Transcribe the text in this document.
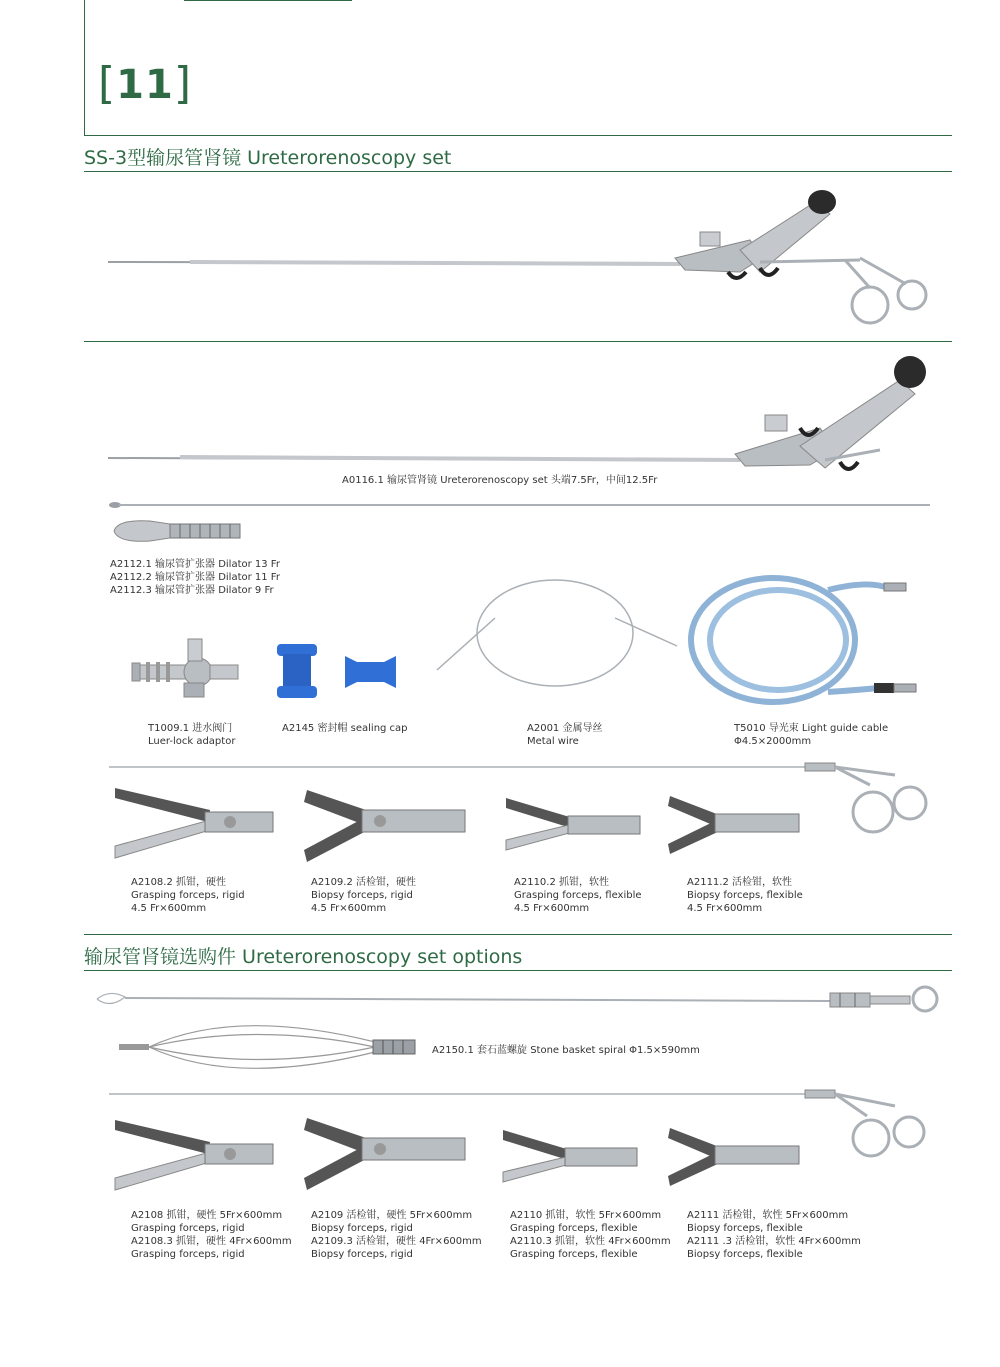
[11]
SS-3型输尿管肾镜 Ureterorenoscopy set
A0116.1 输尿管肾镜 Ureterorenoscopy set 头端7.5Fr，中间12.5Fr
A2112.1 输尿管扩张器 Dilator 13 Fr
A2112.2 输尿管扩张器 Dilator 11 Fr
A2112.3 输尿管扩张器 Dilator 9 Fr
T1009.1 进水阀门
Luer-lock adaptor
A2145 密封帽 sealing cap	A2001 金属导丝
Metal wire
T5010 导光束 Light guide cable
Φ4.5×2000mm
A2108.2 抓钳，硬性
Grasping forceps, rigid
4.5 Fr×600mm
A2109.2 活检钳，硬性
Biopsy forceps, rigid
4.5 Fr×600mm
A2110.2 抓钳，软性
Grasping forceps, flexible
4.5 Fr×600mm
A2111.2 活检钳，软性
Biopsy forceps, flexible
4.5 Fr×600mm
输尿管肾镜选购件 Ureterorenoscopy set options
A2150.1 套石蓝螺旋 Stone basket spiral Φ1.5×590mm
A2108 抓钳，硬性 5Fr×600mm
Grasping forceps, rigid
A2108.3 抓钳，硬性 4Fr×600mm
Grasping forceps, rigid
A2109 活检钳，硬性 5Fr×600mm
Biopsy forceps, rigid
A2109.3 活检钳，硬性 4Fr×600mm
Biopsy forceps, rigid
A2110 抓钳，软性 5Fr×600mm
Grasping forceps, flexible
A2110.3 抓钳，软性 4Fr×600mm
Grasping forceps, flexible
A2111 活检钳，软性 5Fr×600mm
Biopsy forceps, flexible
A2111 .3 活检钳，软性 4Fr×600mm
Biopsy forceps, flexible
